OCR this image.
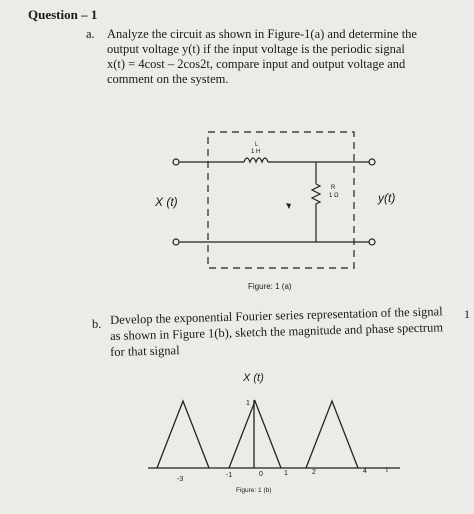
Question – 1
a. Analyze the circuit as shown in Figure-1(a) and determine the
output voltage y(t) if the input voltage is the periodic signal
x(t) = 4cost – 2cos2t, compare input and output voltage and
comment on the system.
L
1 H
R
1 Ω
X (t)	y(t)
Figure: 1 (a)
b. Develop the exponential Fourier series representation of the signal
as shown in Figure 1(b), sketch the magnitude and phase spectrum
for that signal
1
X (t)
1
-3
-1	0	1	2	4	t
Figure: 1 (b)
